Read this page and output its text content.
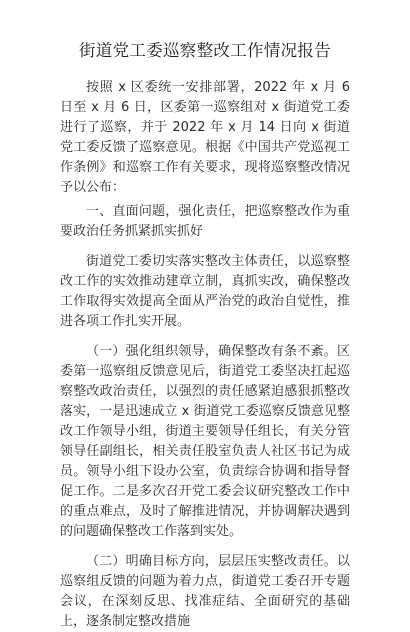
街道党工委巡察整改工作情况报告

按照 x 区委统一安排部署，2022 年 x 月 6 日至 x 月 6 日，区委第一巡察组对 x 街道党工委进行了巡察，并于 2022 年 x 月 14 日向 x 街道党工委反馈了巡察意见。根据《中国共产党巡视工作条例》和巡察工作有关要求，现将巡察整改情况予以公布：

一、直面问题，强化责任，把巡察整改作为重要政治任务抓紧抓实抓好

街道党工委切实落实整改主体责任，以巡察整改工作的实效推动建章立制，真抓实改，确保整改工作取得实效提高全面从严治党的政治自觉性，推进各项工作扎实开展。

（一）强化组织领导，确保整改有条不紊。区委第一巡察组反馈意见后，街道党工委坚决扛起巡察整改政治责任，以强烈的责任感紧迫感狠抓整改落实，一是迅速成立 x 街道党工委巡察反馈意见整改工作领导小组，街道主要领导任组长，有关分管领导任副组长，相关责任股室负责人社区书记为成员。领导小组下设办公室，负责综合协调和指导督促工作。二是多次召开党工委会议研究整改工作中的重点难点，及时了解推进情况，并协调解决遇到的问题确保整改工作落到实处。

（二）明确目标方向，层层压实整改责任。以巡察组反馈的问题为着力点，街道党工委召开专题会议，在深刻反思、找准症结、全面研究的基础上，逐条制定整改措施
